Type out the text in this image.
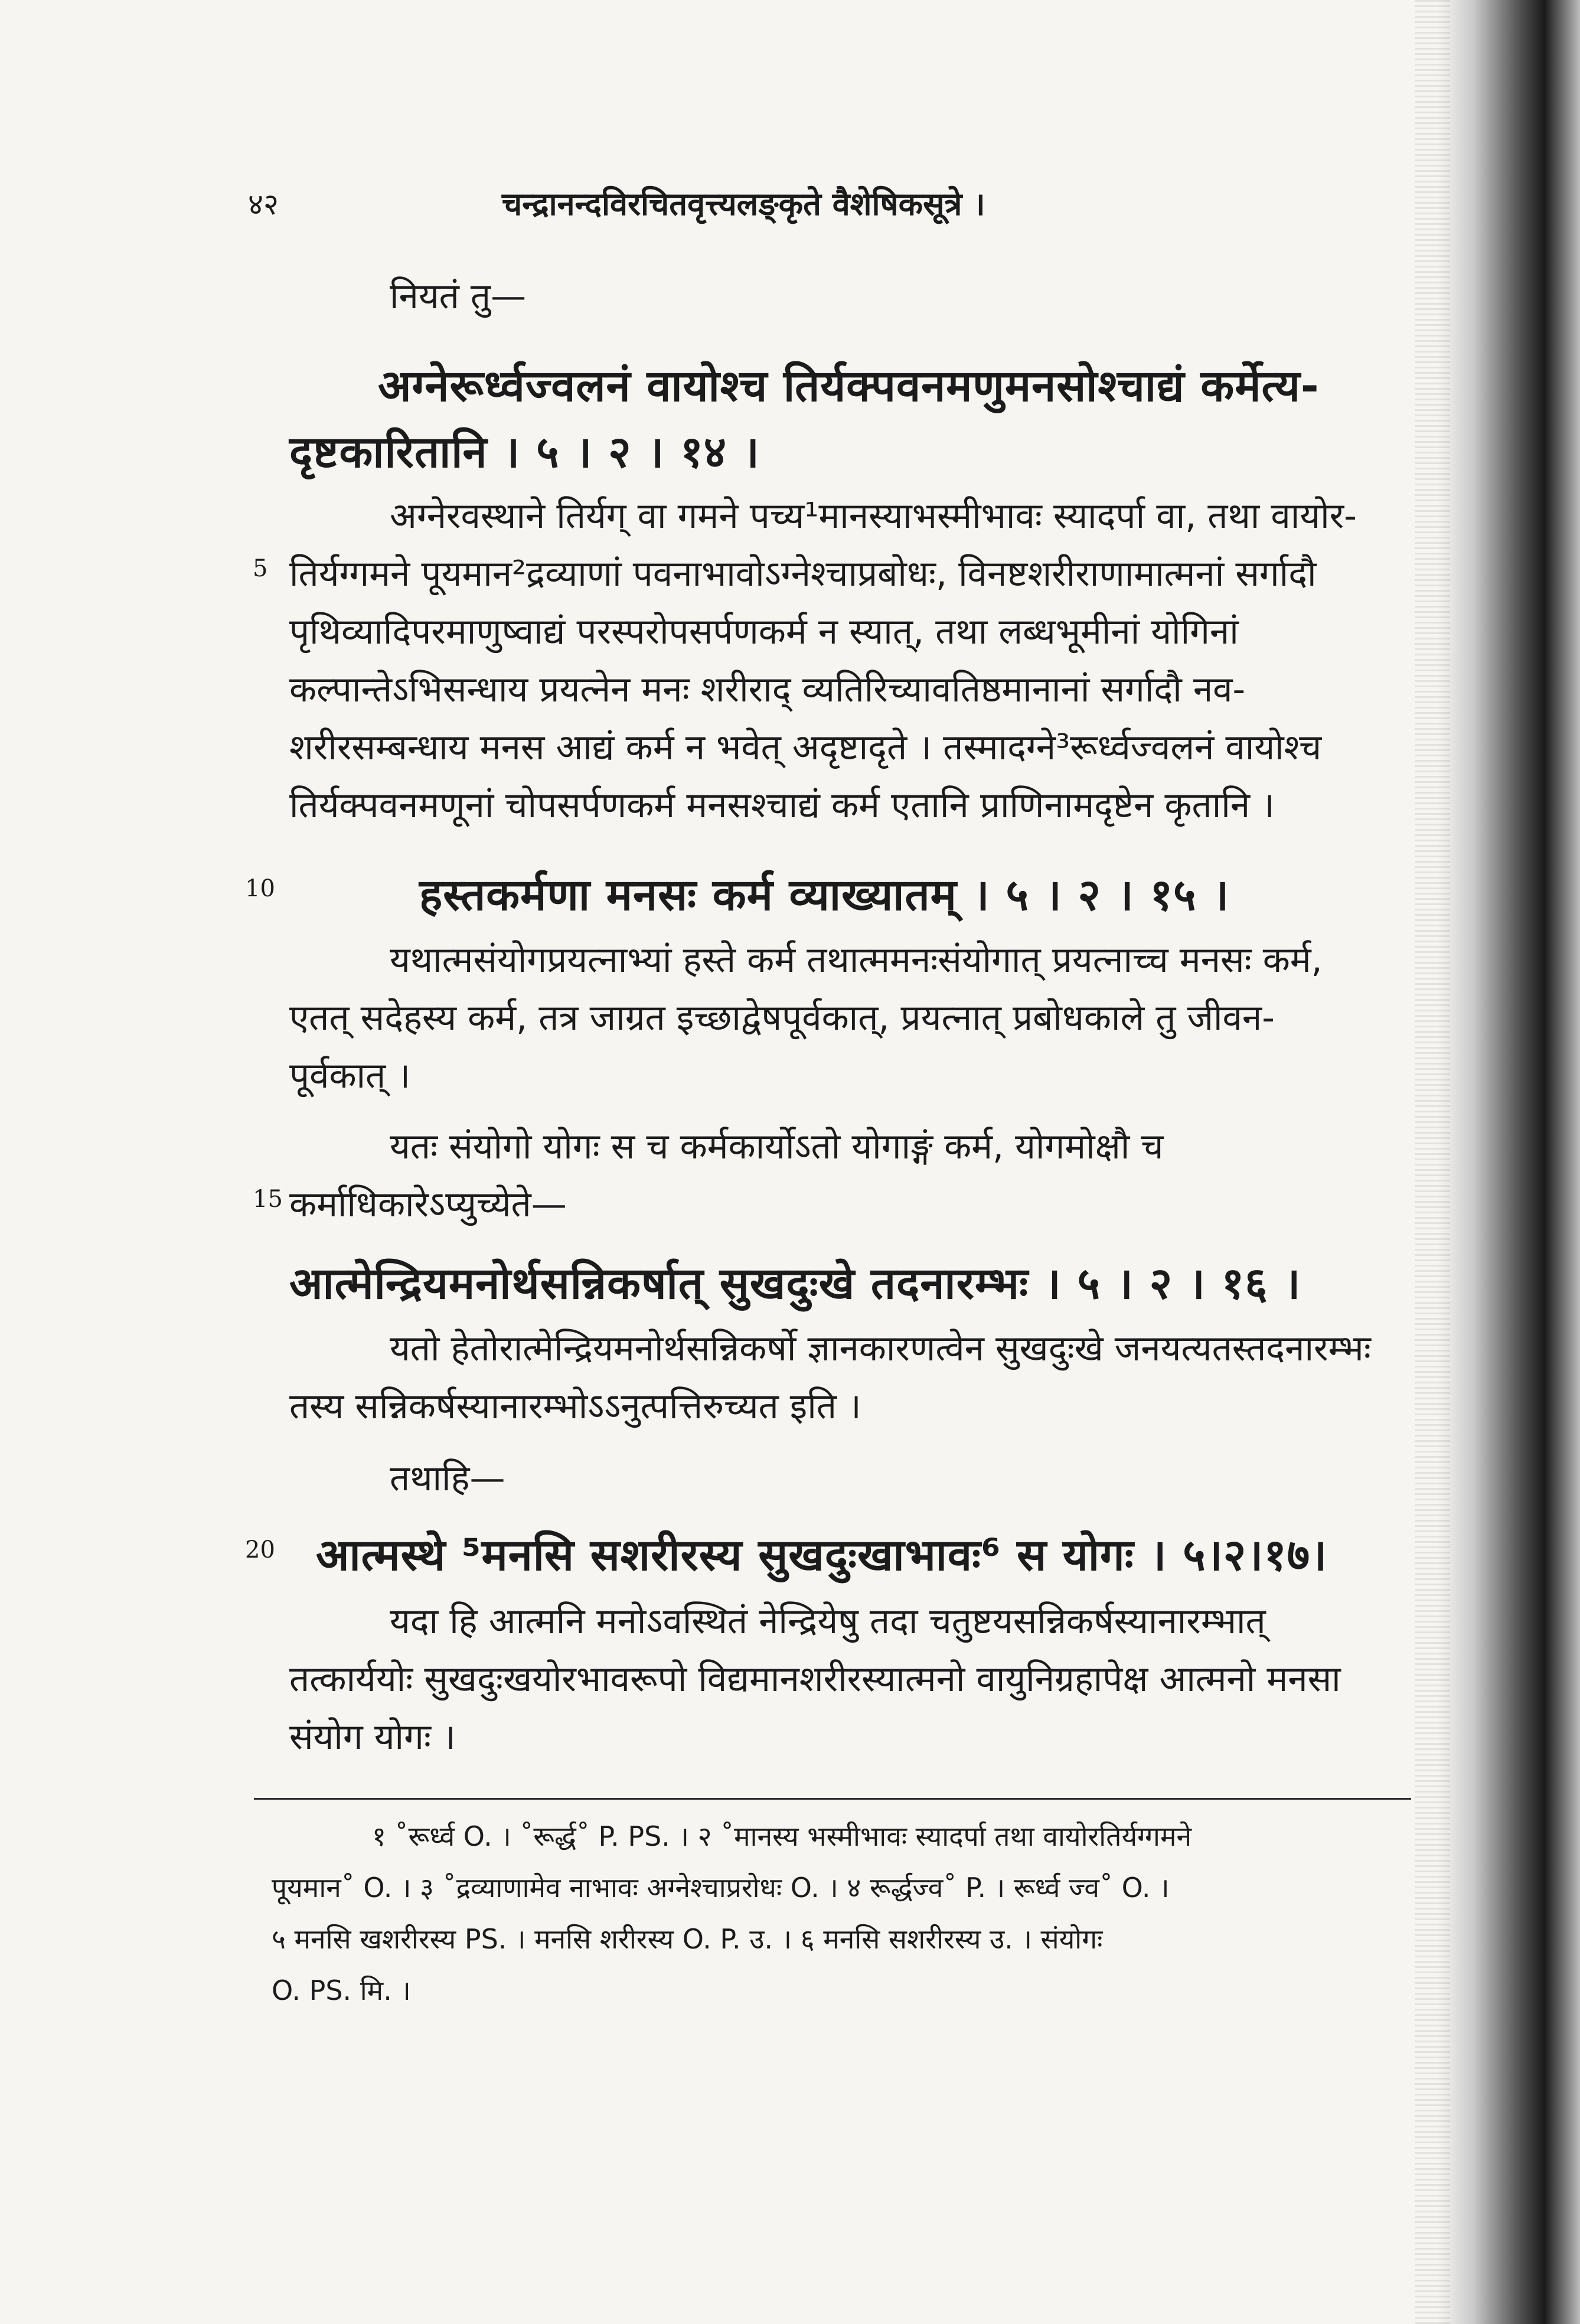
४२	चन्द्रानन्दविरचितवृत्त्यलङ्कृते वैशेषिकसूत्रे ।
नियतं तु—
अग्नेरूर्ध्वज्वलनं वायोश्च तिर्यक्पवनमणुमनसोश्चाद्यं कर्मेत्य-
दृष्टकारितानि । ५ । २ । १४ ।
अग्नेरवस्थाने तिर्यग् वा गमने पच्य¹मानस्याभस्मीभावः स्यादर्पा वा, तथा वायोर-
5 तिर्यग्गमने पूयमान²द्रव्याणां पवनाभावोऽग्नेश्चाप्रबोधः, विनष्टशरीराणामात्मनां सर्गादौ
पृथिव्यादिपरमाणुष्वाद्यं परस्परोपसर्पणकर्म न स्यात्, तथा लब्धभूमीनां योगिनां
कल्पान्तेऽभिसन्धाय प्रयत्नेन मनः शरीराद् व्यतिरिच्यावतिष्ठमानानां सर्गादौ नव-
शरीरसम्बन्धाय मनस आद्यं कर्म न भवेत् अदृष्टादृते । तस्मादग्ने³रूर्ध्वज्वलनं वायोश्च
तिर्यक्पवनमणूनां चोपसर्पणकर्म मनसश्चाद्यं कर्म एतानि प्राणिनामदृष्टेन कृतानि ।
10	हस्तकर्मणा मनसः कर्म व्याख्यातम् । ५ । २ । १५ ।
यथात्मसंयोगप्रयत्नाभ्यां हस्ते कर्म तथात्ममनःसंयोगात् प्रयत्नाच्च मनसः कर्म,
एतत् सदेहस्य कर्म, तत्र जाग्रत इच्छाद्वेषपूर्वकात्, प्रयत्नात् प्रबोधकाले तु जीवन-
पूर्वकात् ।
यतः संयोगो योगः स च कर्मकार्योऽतो योगाङ्गं कर्म, योगमोक्षौ च
15 कर्माधिकारेऽप्युच्येते—
आत्मेन्द्रियमनोर्थसन्निकर्षात् सुखदुःखे तदनारम्भः । ५ । २ । १६ ।
यतो हेतोरात्मेन्द्रियमनोर्थसन्निकर्षो ज्ञानकारणत्वेन सुखदुःखे जनयत्यतस्तदनारम्भः
तस्य सन्निकर्षस्यानारम्भोऽऽनुत्पत्तिरुच्यत इति ।
तथाहि—
20 आत्मस्थे ⁵मनसि सशरीरस्य सुखदुःखाभावः⁶ स योगः । ५।२।१७।
यदा हि आत्मनि मनोऽवस्थितं नेन्द्रियेषु तदा चतुष्टयसन्निकर्षस्यानारम्भात्
तत्कार्ययोः सुखदुःखयोरभावरूपो विद्यमानशरीरस्यात्मनो वायुनिग्रहापेक्ष आत्मनो मनसा
संयोग योगः ।
१ ˚रूर्ध्व O. । ˚रूर्द्ध˚ P. PS. । २ ˚मानस्य भस्मीभावः स्यादर्पा तथा वायोरतिर्यग्गमने
पूयमान˚ O. । ३ ˚द्रव्याणामेव नाभावः अग्नेश्चाप्ररोधः O. । ४ रूर्द्धज्व˚ P. । रूर्ध्व ज्व˚ O. ।
५ मनसि खशरीरस्य PS. । मनसि शरीरस्य O. P. उ. । ६ मनसि सशरीरस्य उ. । संयोगः
O. PS. मि. ।
